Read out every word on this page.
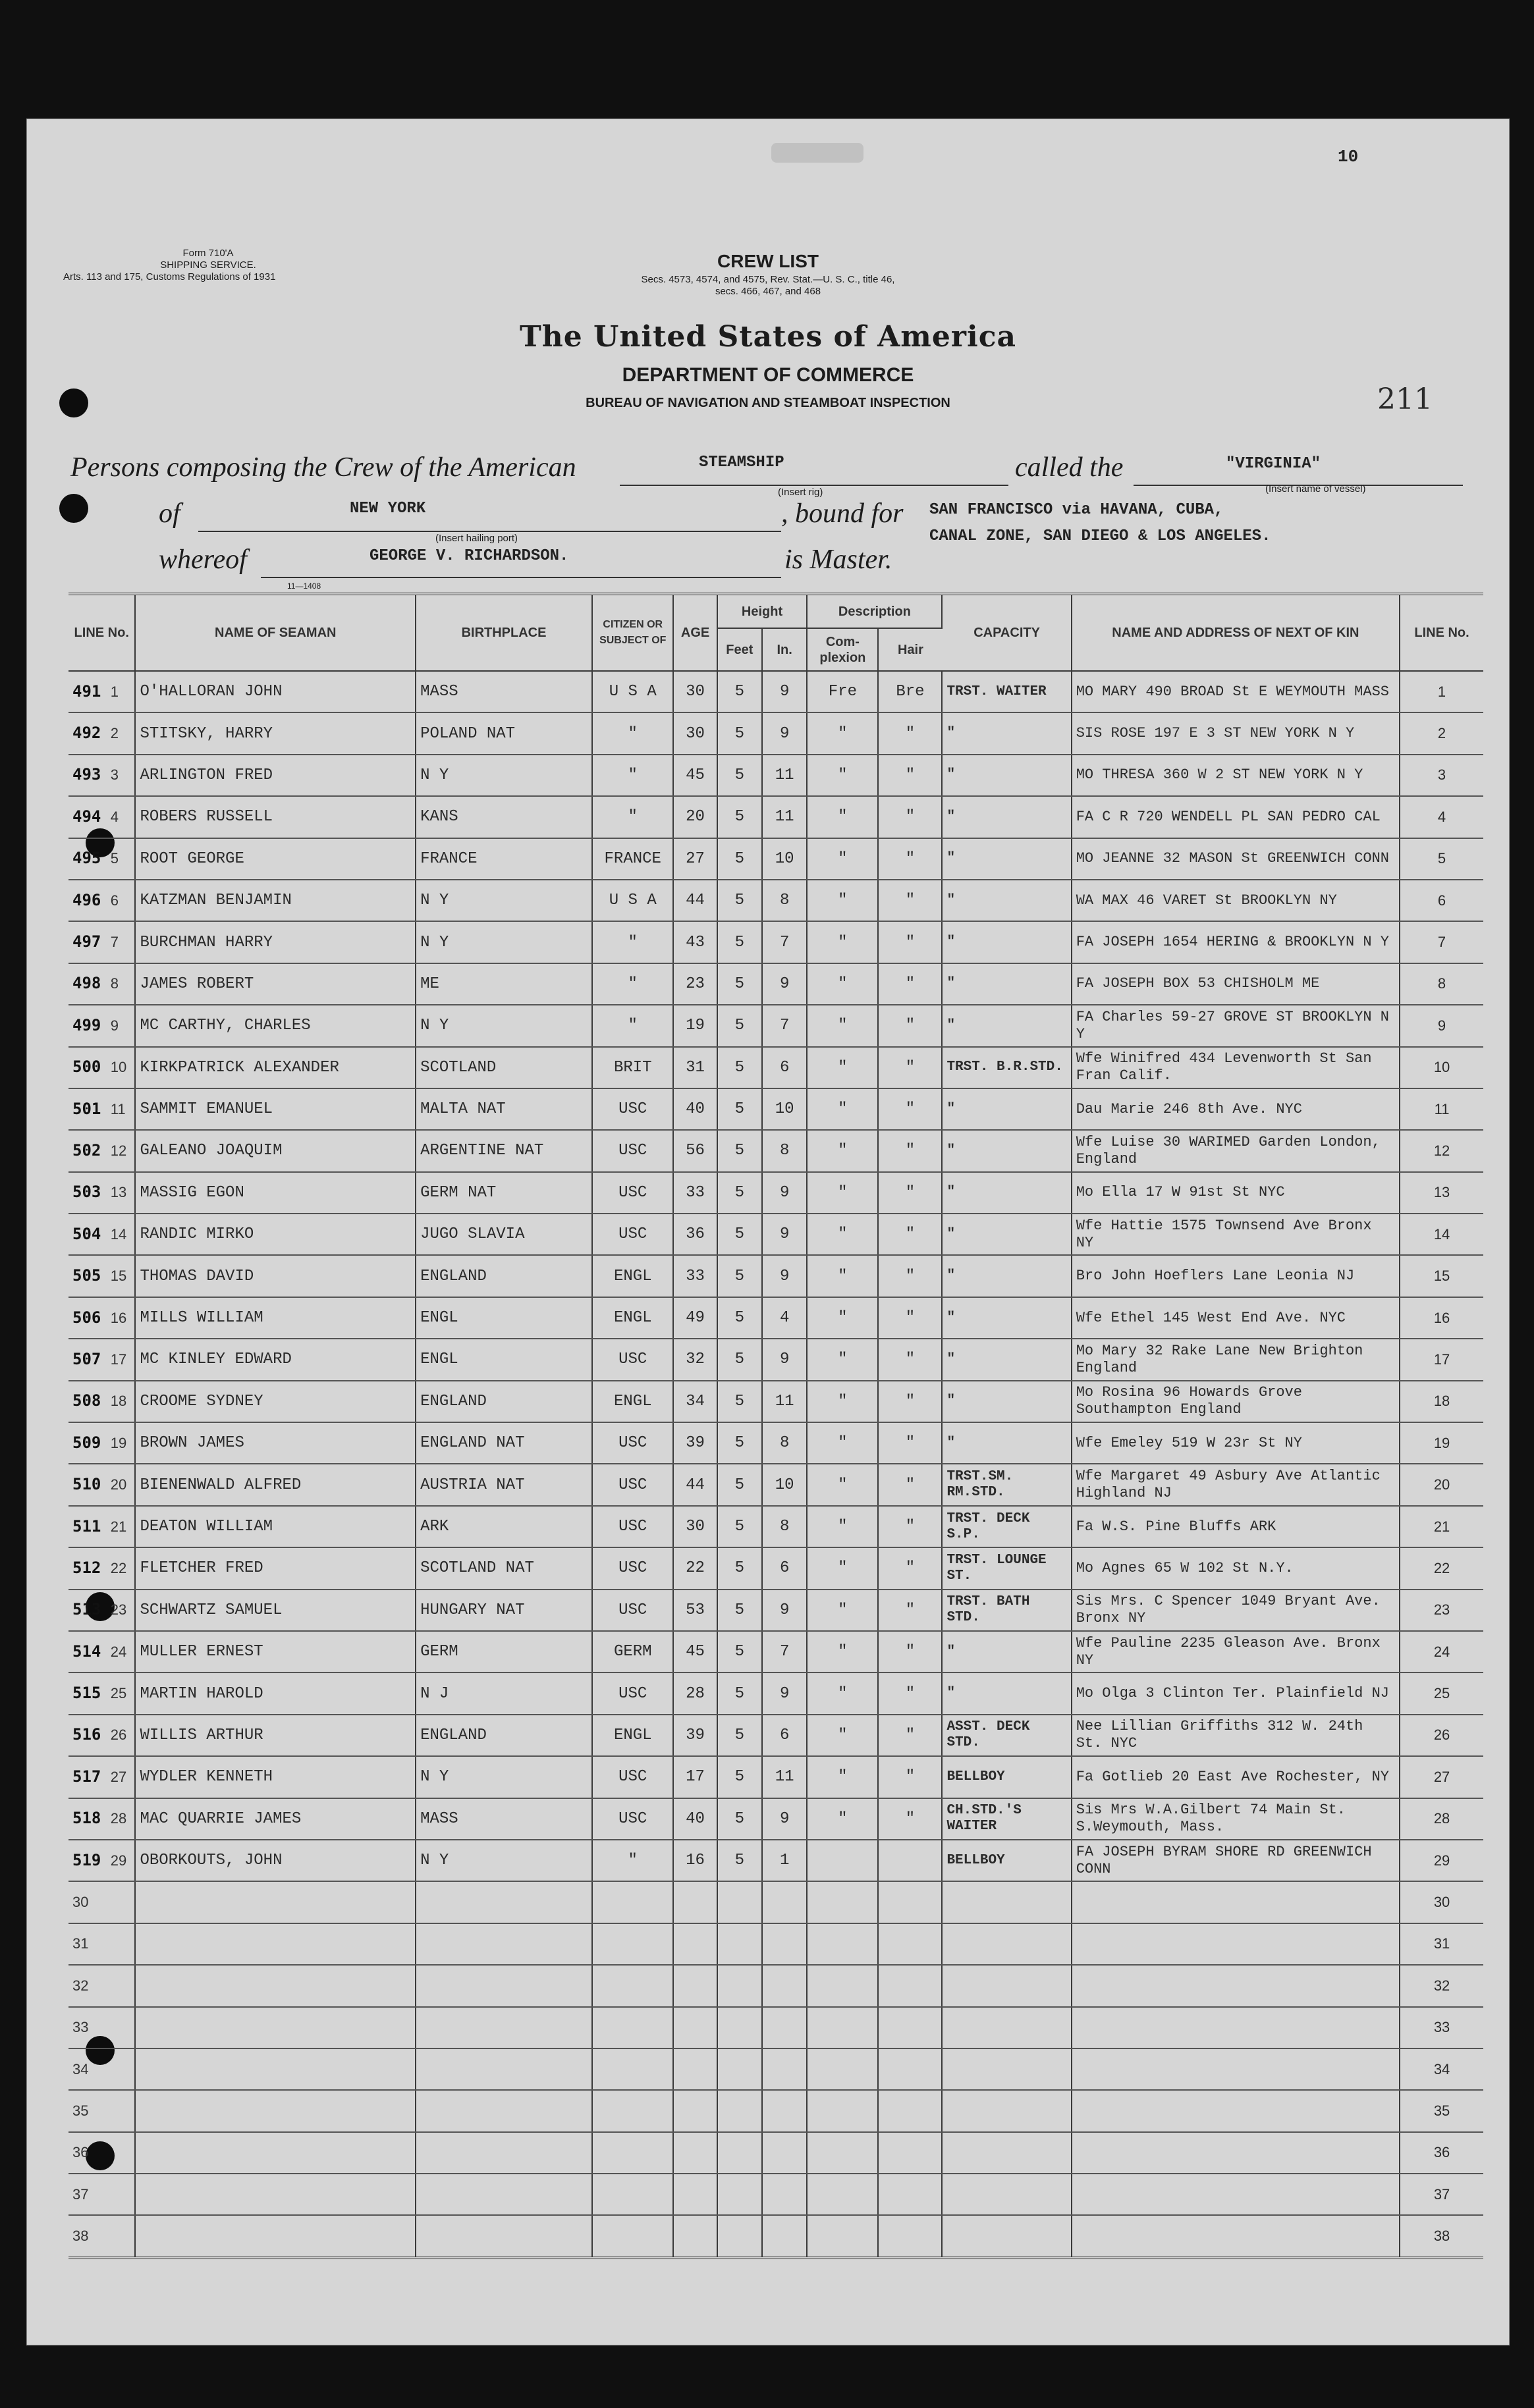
10
Form 710'A
SHIPPING SERVICE.
Arts. 113 and 175, Customs Regulations of 1931
CREW LIST
Secs. 4573, 4574, and 4575, Rev. Stat.—U. S. C., title 46,
secs. 466, 467, and 468
The United States of America
DEPARTMENT OF COMMERCE
BUREAU OF NAVIGATION AND STEAMBOAT INSPECTION	211
Persons composing the Crew of the American	STEAMSHIP
(Insert rig)
called the	"VIRGINIA"
(Insert name of vessel)
of	NEW YORK
(Insert hailing port)
, bound for SAN FRANCISCO via HAVANA, CUBA,
CANAL ZONE, SAN DIEGO & LOS ANGELES.
whereof	GEORGE V. RICHARDSON.	is Master.
11—1408
LINE No.	NAME OF SEAMAN	BIRTHPLACE	CITIZEN OR SUBJECT OF	AGE	Height		Description		CAPACITY	NAME AND ADDRESS OF NEXT OF KIN	LINE No.
					Feet	In.	Com- plexion	Hair			
491 1	O'HALLORAN JOHN	MASS	U S A	30	5	9	Fre	Bre	TRST. WAITER	MO MARY 490 BROAD St E WEYMOUTH MASS	1
492 2	STITSKY, HARRY	POLAND NAT	"	30	5	9	"	"	"	SIS ROSE 197 E 3 ST NEW YORK N Y	2
493 3	ARLINGTON FRED	N Y	"	45	5	11	"	"	"	MO THRESA 360 W 2 ST NEW YORK N Y	3
494 4	ROBERS RUSSELL	KANS	"	20	5	11	"	"	"	FA C R 720 WENDELL PL SAN PEDRO CAL	4
495 5	ROOT GEORGE	FRANCE	FRANCE	27	5	10	"	"	"	MO JEANNE 32 MASON St GREENWICH CONN	5
496 6	KATZMAN BENJAMIN	N Y	U S A	44	5	8	"	"	"	WA MAX 46 VARET St BROOKLYN NY	6
497 7	BURCHMAN HARRY	N Y	"	43	5	7	"	"	"	FA JOSEPH 1654 HERING & BROOKLYN N Y	7
498 8	JAMES ROBERT	ME	"	23	5	9	"	"	"	FA JOSEPH BOX 53 CHISHOLM ME	8
499 9	MC CARTHY, CHARLES	N Y	"	19	5	7	"	"	"	FA Charles 59-27 GROVE ST BROOKLYN N Y	9
500 10	KIRKPATRICK ALEXANDER	SCOTLAND	BRIT	31	5	6	"	"	TRST. B.R.STD.	Wfe Winifred 434 Levenworth St San Fran Calif.	10
501 11	SAMMIT EMANUEL	MALTA NAT	USC	40	5	10	"	"	"	Dau Marie 246 8th Ave. NYC	11
502 12	GALEANO JOAQUIM	ARGENTINE NAT	USC	56	5	8	"	"	"	Wfe Luise 30 WARIMED Garden London, England	12
503 13	MASSIG EGON	GERM NAT	USC	33	5	9	"	"	"	Mo Ella 17 W 91st St NYC	13
504 14	RANDIC MIRKO	JUGO SLAVIA	USC	36	5	9	"	"	"	Wfe Hattie 1575 Townsend Ave Bronx NY	14
505 15	THOMAS DAVID	ENGLAND	ENGL	33	5	9	"	"	"	Bro John Hoeflers Lane Leonia NJ	15
506 16	MILLS WILLIAM	ENGL	ENGL	49	5	4	"	"	"	Wfe Ethel 145 West End Ave. NYC	16
507 17	MC KINLEY EDWARD	ENGL	USC	32	5	9	"	"	"	Mo Mary 32 Rake Lane New Brighton England	17
508 18	CROOME SYDNEY	ENGLAND	ENGL	34	5	11	"	"	"	Mo Rosina 96 Howards Grove Southampton England	18
509 19	BROWN JAMES	ENGLAND NAT	USC	39	5	8	"	"	"	Wfe Emeley 519 W 23r St NY	19
510 20	BIENENWALD ALFRED	AUSTRIA NAT	USC	44	5	10	"	"	TRST.SM. RM.STD.	Wfe Margaret 49 Asbury Ave Atlantic Highland NJ	20
511 21	DEATON WILLIAM	ARK	USC	30	5	8	"	"	TRST. DECK S.P.	Fa W.S. Pine Bluffs ARK	21
512 22	FLETCHER FRED	SCOTLAND NAT	USC	22	5	6	"	"	TRST. LOUNGE ST.	Mo Agnes 65 W 102 St N.Y.	22
513 23	SCHWARTZ SAMUEL	HUNGARY NAT	USC	53	5	9	"	"	TRST. BATH STD.	Sis Mrs. C Spencer 1049 Bryant Ave. Bronx NY	23
514 24	MULLER ERNEST	GERM	GERM	45	5	7	"	"	"	Wfe Pauline 2235 Gleason Ave. Bronx NY	24
515 25	MARTIN HAROLD	N J	USC	28	5	9	"	"	"	Mo Olga 3 Clinton Ter. Plainfield NJ	25
516 26	WILLIS ARTHUR	ENGLAND	ENGL	39	5	6	"	"	ASST. DECK STD.	Nee Lillian Griffiths 312 W. 24th St. NYC	26
517 27	WYDLER KENNETH	N Y	USC	17	5	11	"	"	BELLBOY	Fa Gotlieb 20 East Ave Rochester, NY	27
518 28	MAC QUARRIE JAMES	MASS	USC	40	5	9	"	"	CH.STD.'S WAITER	Sis Mrs W.A.Gilbert 74 Main St. S.Weymouth, Mass.	28
519 29	OBORKOUTS, JOHN	N Y	"	16	5	1			BELLBOY	FA JOSEPH BYRAM SHORE RD GREENWICH CONN	29
30											30
31											31
32											32
33											33
34											34
35											35
36											36
37											37
38											38
